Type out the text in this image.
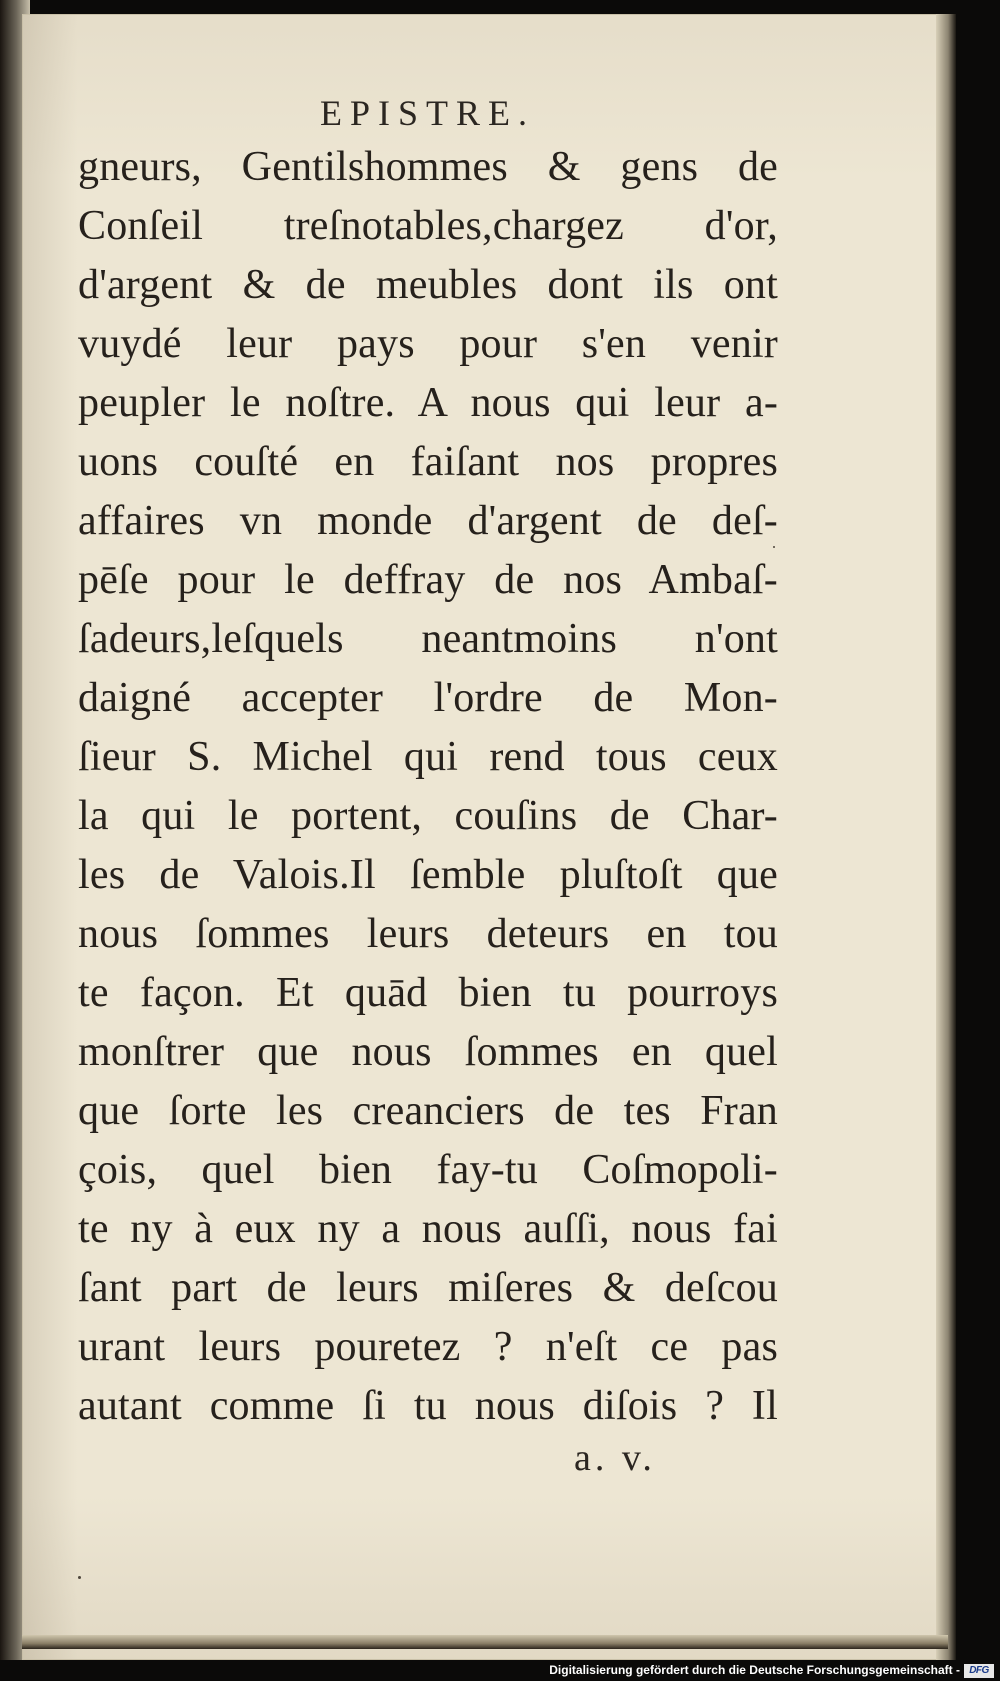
EPISTRE.
gneurs, Gentilshommes & gens de
Conſeil treſnotables,chargez d'or,
d'argent & de meubles dont ils ont
vuydé leur pays pour s'en venir
peupler le noſtre. A nous qui leur a-
uons couſté en faiſant nos propres
affaires vn monde d'argent de deſ-
pēſe pour le deffray de nos Ambaſ-
ſadeurs,leſquels neantmoins n'ont
daigné accepter l'ordre de Mon-
ſieur S. Michel qui rend tous ceux
la qui le portent, couſins de Char-
les de Valois.Il ſemble pluſtoſt que
nous ſommes leurs deteurs en tou
te façon. Et quād bien tu pourroys
monſtrer que nous ſommes en quel
que ſorte les creanciers de tes Fran
çois, quel bien fay-tu Coſmopoli-
te ny à eux ny a nous auſſi, nous fai
ſant part de leurs miſeres & deſcou
urant leurs pouretez ? n'eſt ce pas
autant comme ſi tu nous diſois ? Il
a. v.
Digitalisierung gefördert durch die Deutsche Forschungsgemeinschaft - DFG
